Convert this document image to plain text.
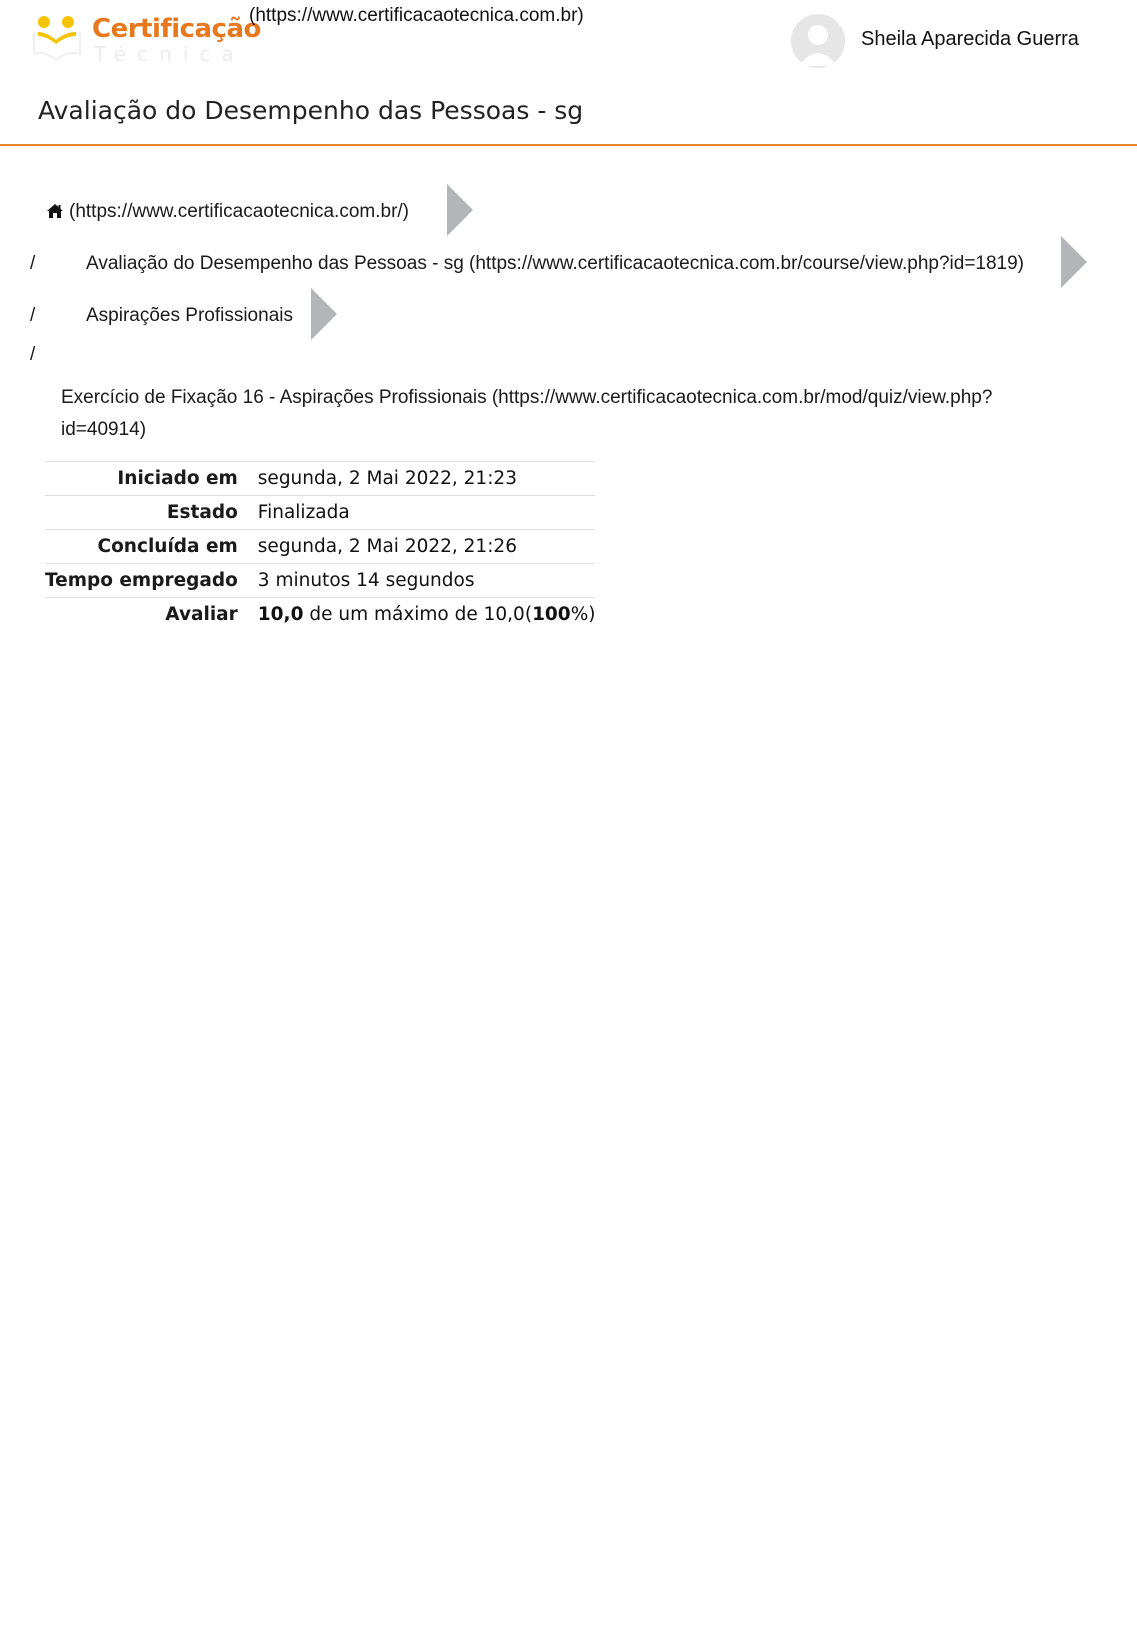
Certificação
Técnica
(https://www.certificacaotecnica.com.br)
Sheila Aparecida Guerra
Avaliação do Desempenho das Pessoas - sg
(https://www.certificacaotecnica.com.br/)
/	Avaliação do Desempenho das Pessoas - sg (https://www.certificacaotecnica.com.br/course/view.php?id=1819)
/	Aspirações Profissionais
/
Exercício de Fixação 16 - Aspirações Profissionais (https://www.certificacaotecnica.com.br/mod/quiz/view.php?
id=40914)
Iniciado em	segunda, 2 Mai 2022, 21:23
Estado	Finalizada
Concluída em	segunda, 2 Mai 2022, 21:26
Tempo empregado	3 minutos 14 segundos
Avaliar	10,0 de um máximo de 10,0(100%)
